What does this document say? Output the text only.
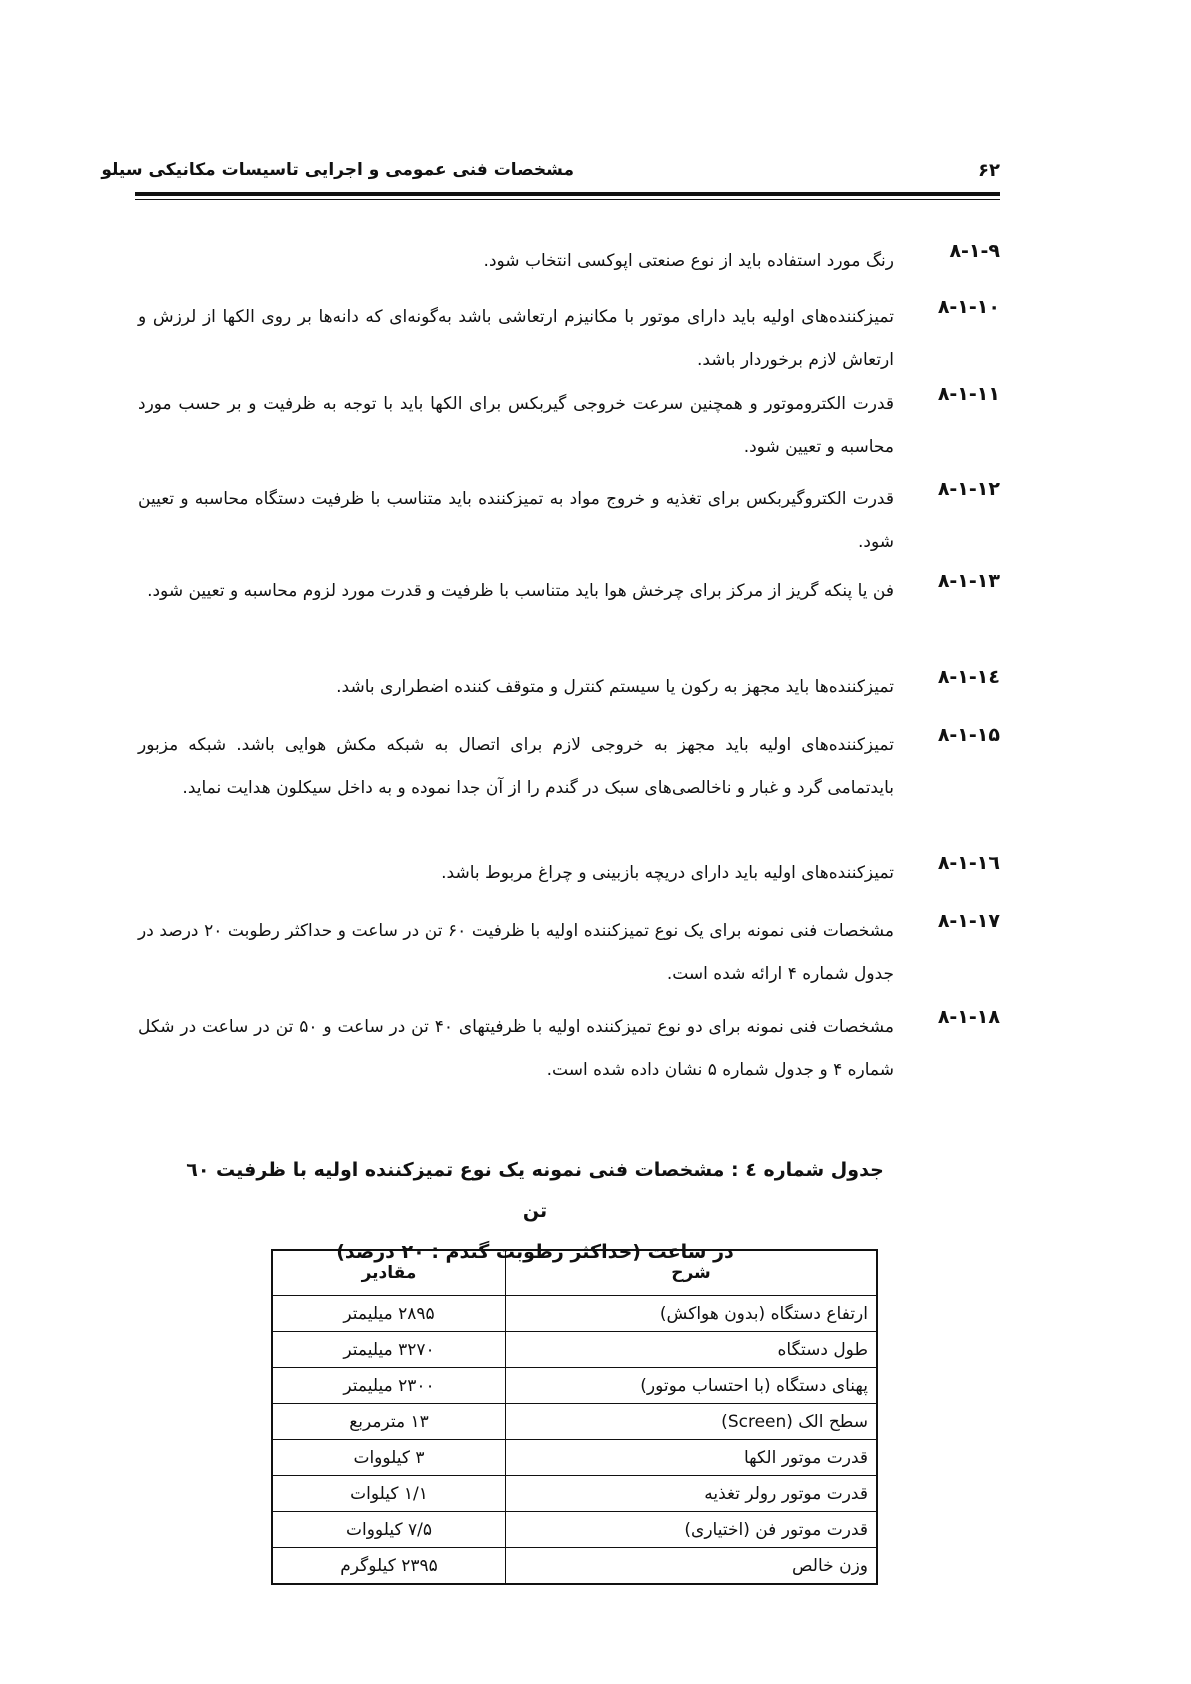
مشخصات فنی عمومی و اجرایی تاسیسات مکانیکی سیلو	۶۲
۸-۱-۹
رنگ مورد استفاده باید از نوع صنعتی اپوکسی انتخاب شود.
۸-۱-۱۰
تمیزکننده‌های اولیه باید دارای موتور با مکانیزم ارتعاشی باشد به‌گونه‌ای که دانه‌ها بر روی الکها از لرزش و ارتعاش لازم برخوردار باشد.
۸-۱-۱۱
قدرت الکتروموتور و همچنین سرعت خروجی گیربکس برای الکها باید با توجه به ظرفیت و بر حسب مورد محاسبه و تعیین شود.
۸-۱-۱۲
قدرت الکتروگیربکس برای تغذیه و خروج مواد به تمیزکننده باید متناسب با ظرفیت دستگاه محاسبه و تعیین شود.
۸-۱-۱۳
فن یا پنکه گریز از مرکز برای چرخش هوا باید متناسب با ظرفیت و قدرت مورد لزوم محاسبه و تعیین شود.
۸-۱-۱٤
تمیزکننده‌ها باید مجهز به رکون یا سیستم کنترل و متوقف کننده اضطراری باشد.
۸-۱-۱۵
تمیزکننده‌های اولیه باید مجهز به خروجی لازم برای اتصال به شبکه مکش هوایی باشد. شبکه مزبور بایدتمامی گرد و غبار و ناخالصی‌های سبک در گندم را از آن جدا نموده و به داخل سیکلون هدایت نماید.
۸-۱-۱٦
تمیزکننده‌های اولیه باید دارای دریچه بازبینی و چراغ مربوط باشد.
۸-۱-۱۷
مشخصات فنی نمونه برای یک نوع تمیزکننده اولیه با ظرفیت ۶۰ تن در ساعت و حداکثر رطوبت ۲۰ درصد در جدول شماره ۴ ارائه شده است.
۸-۱-۱۸
مشخصات فنی نمونه برای دو نوع تمیزکننده اولیه با ظرفیتهای ۴۰ تن در ساعت و ۵۰ تن در ساعت در شکل شماره ۴ و جدول شماره ۵ نشان داده شده است.
جدول شماره ٤ : مشخصات فنی نمونه یک نوع تمیزکننده اولیه با ظرفیت ٦٠ تن
در ساعت (حداکثر رطوبت گندم : ۲۰ درصد)
شرح	مقادیر
ارتفاع دستگاه (بدون هواکش)	۲۸۹۵ میلیمتر
طول دستگاه	۳۲۷۰ میلیمتر
پهنای دستگاه (با احتساب موتور)	۲۳۰۰ میلیمتر
سطح الک (Screen)	۱۳ مترمربع
قدرت موتور الکها	۳ کیلووات
قدرت موتور رولر تغذیه	۱/۱ کیلوات
قدرت موتور فن (اختیاری)	۷/۵ کیلووات
وزن خالص	۲۳۹۵ کیلوگرم
